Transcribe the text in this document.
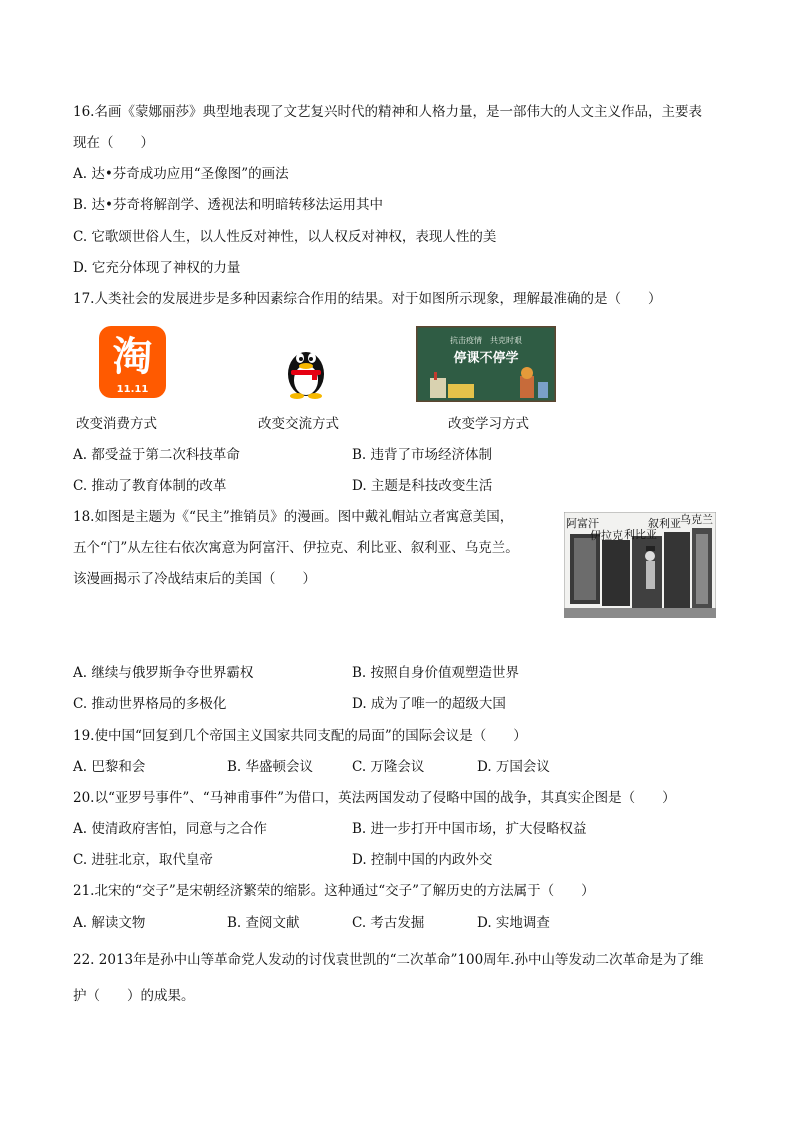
16.名画《蒙娜丽莎》典型地表现了文艺复兴时代的精神和人格力量，是一部伟大的人文主义作品，主要表
现在（　　）
A. 达•芬奇成功应用“圣像图”的画法
B. 达•芬奇将解剖学、透视法和明暗转移法运用其中
C. 它歌颂世俗人生，以人性反对神性，以人权反对神权，表现人性的美
D. 它充分体现了神权的力量
17.人类社会的发展进步是多种因素综合作用的结果。对于如图所示现象，理解最准确的是（　　）
淘
11.11
改变消费方式	改变交流方式
抗击疫情　共克时艰
停课不停学
改变学习方式
A. 都受益于第二次科技革命	B. 违背了市场经济体制
C. 推动了教育体制的改革	D. 主题是科技改变生活
18.如图是主题为《“民主”推销员》的漫画。图中戴礼帽站立者寓意美国，
五个“门”从左往右依次寓意为阿富汗、伊拉克、利比亚、叙利亚、乌克兰。
该漫画揭示了冷战结束后的美国（　　）
阿富汗
伊拉克 利比亚
叙利亚 乌克兰
A. 继续与俄罗斯争夺世界霸权	B. 按照自身价值观塑造世界
C. 推动世界格局的多极化	D. 成为了唯一的超级大国
19.使中国“回复到几个帝国主义国家共同支配的局面”的国际会议是（　　）
A. 巴黎和会	B. 华盛顿会议	C. 万隆会议	D. 万国会议
20.以“亚罗号事件”、“马神甫事件”为借口，英法两国发动了侵略中国的战争，其真实企图是（　　）
A. 使清政府害怕，同意与之合作	B. 进一步打开中国市场，扩大侵略权益
C. 进驻北京，取代皇帝	D. 控制中国的内政外交
21.北宋的“交子”是宋朝经济繁荣的缩影。这种通过“交子”了解历史的方法属于（　　）
A. 解读文物	B. 查阅文献	C. 考古发掘	D. 实地调查
22. 2013年是孙中山等革命党人发动的讨伐袁世凯的“二次革命”100周年.孙中山等发动二次革命是为了维
护（　　）的成果。
